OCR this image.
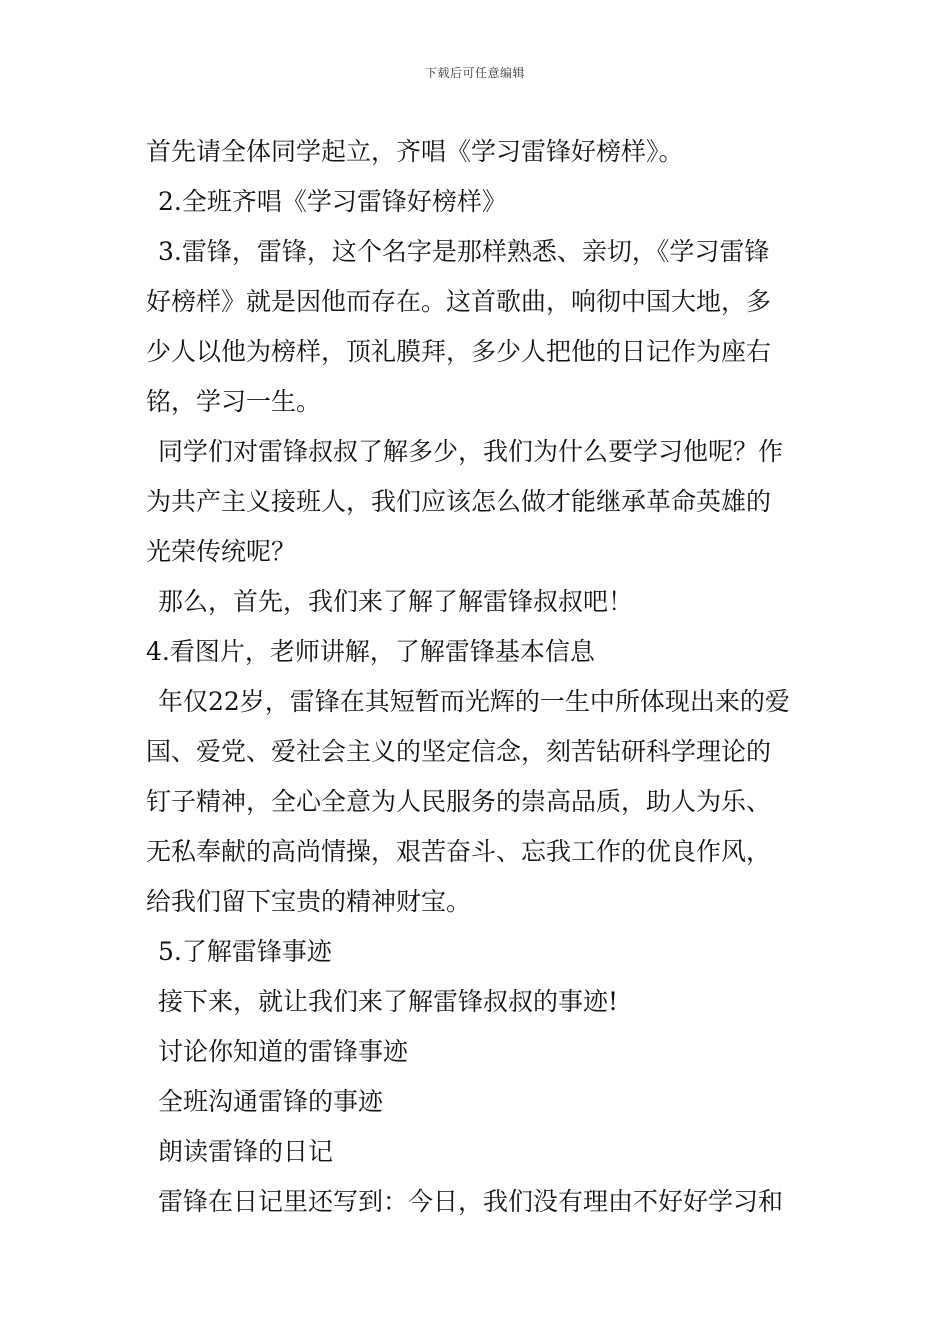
下载后可任意编辑
首先请全体同学起立，齐唱《学习雷锋好榜样》。
2.全班齐唱《学习雷锋好榜样》
3.雷锋，雷锋，这个名字是那样熟悉、亲切，《学习雷锋
好榜样》就是因他而存在。这首歌曲，响彻中国大地，多
少人以他为榜样，顶礼膜拜，多少人把他的日记作为座右
铭，学习一生。
同学们对雷锋叔叔了解多少，我们为什么要学习他呢？作
为共产主义接班人，我们应该怎么做才能继承革命英雄的
光荣传统呢？
那么，首先，我们来了解了解雷锋叔叔吧！
4.看图片，老师讲解，了解雷锋基本信息
年仅22岁，雷锋在其短暂而光辉的一生中所体现出来的爱
国、爱党、爱社会主义的坚定信念，刻苦钻研科学理论的
钉子精神，全心全意为人民服务的崇高品质，助人为乐、
无私奉献的高尚情操，艰苦奋斗、忘我工作的优良作风，
给我们留下宝贵的精神财宝。
5.了解雷锋事迹
接下来，就让我们来了解雷锋叔叔的事迹!
讨论你知道的雷锋事迹
全班沟通雷锋的事迹
朗读雷锋的日记
雷锋在日记里还写到：今日，我们没有理由不好好学习和
